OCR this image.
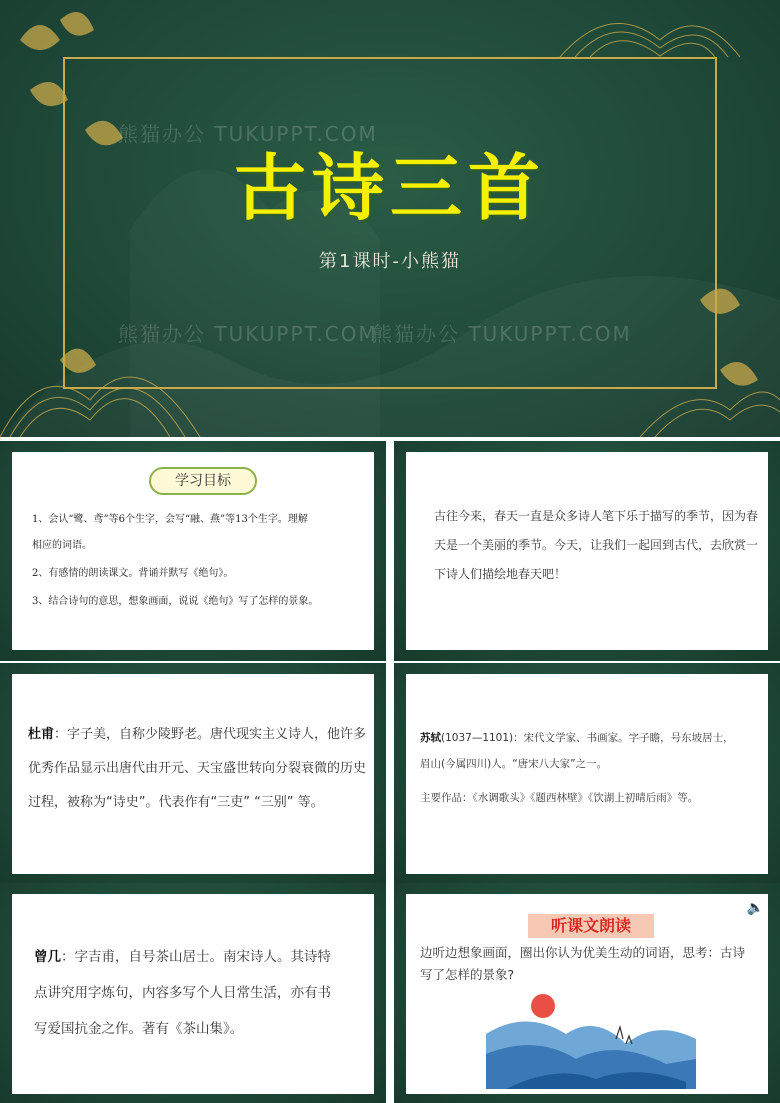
古诗三首
第1课时-小熊猫
熊猫办公 TUKUPPT.COM
熊猫办公 TUKUPPT.COM
熊猫办公 TUKUPPT.COM
学习目标
1、会认“鹭、鸢”等6个生字，会写“融、燕”等13个生字。理解
相应的词语。
2、有感情的朗读课文。背诵并默写《绝句》。
3、结合诗句的意思，想象画面，说说《绝句》写了怎样的景象。
古往今来，春天一直是众多诗人笔下乐于描写的季节，因为春
天是一个美丽的季节。今天，让我们一起回到古代，去欣赏一
下诗人们描绘地春天吧！
杜甫：字子美，自称少陵野老。唐代现实主义诗人，他许多
优秀作品显示出唐代由开元、天宝盛世转向分裂衰微的历史
过程，被称为“诗史”。代表作有“三吏” “三别” 等。
苏轼(1037—1101)：宋代文学家、书画家。字子瞻，号东坡居士，
眉山(今属四川)人。“唐宋八大家”之一。
主要作品：《水调歌头》《题西林壁》《饮湖上初晴后雨》等。
曾几：字吉甫，自号茶山居士。南宋诗人。其诗特
点讲究用字炼句，内容多写个人日常生活，亦有书
写爱国抗金之作。著有《茶山集》。
听课文朗读
🔈
边听边想象画面，圈出你认为优美生动的词语，思考：古诗
写了怎样的景象?
